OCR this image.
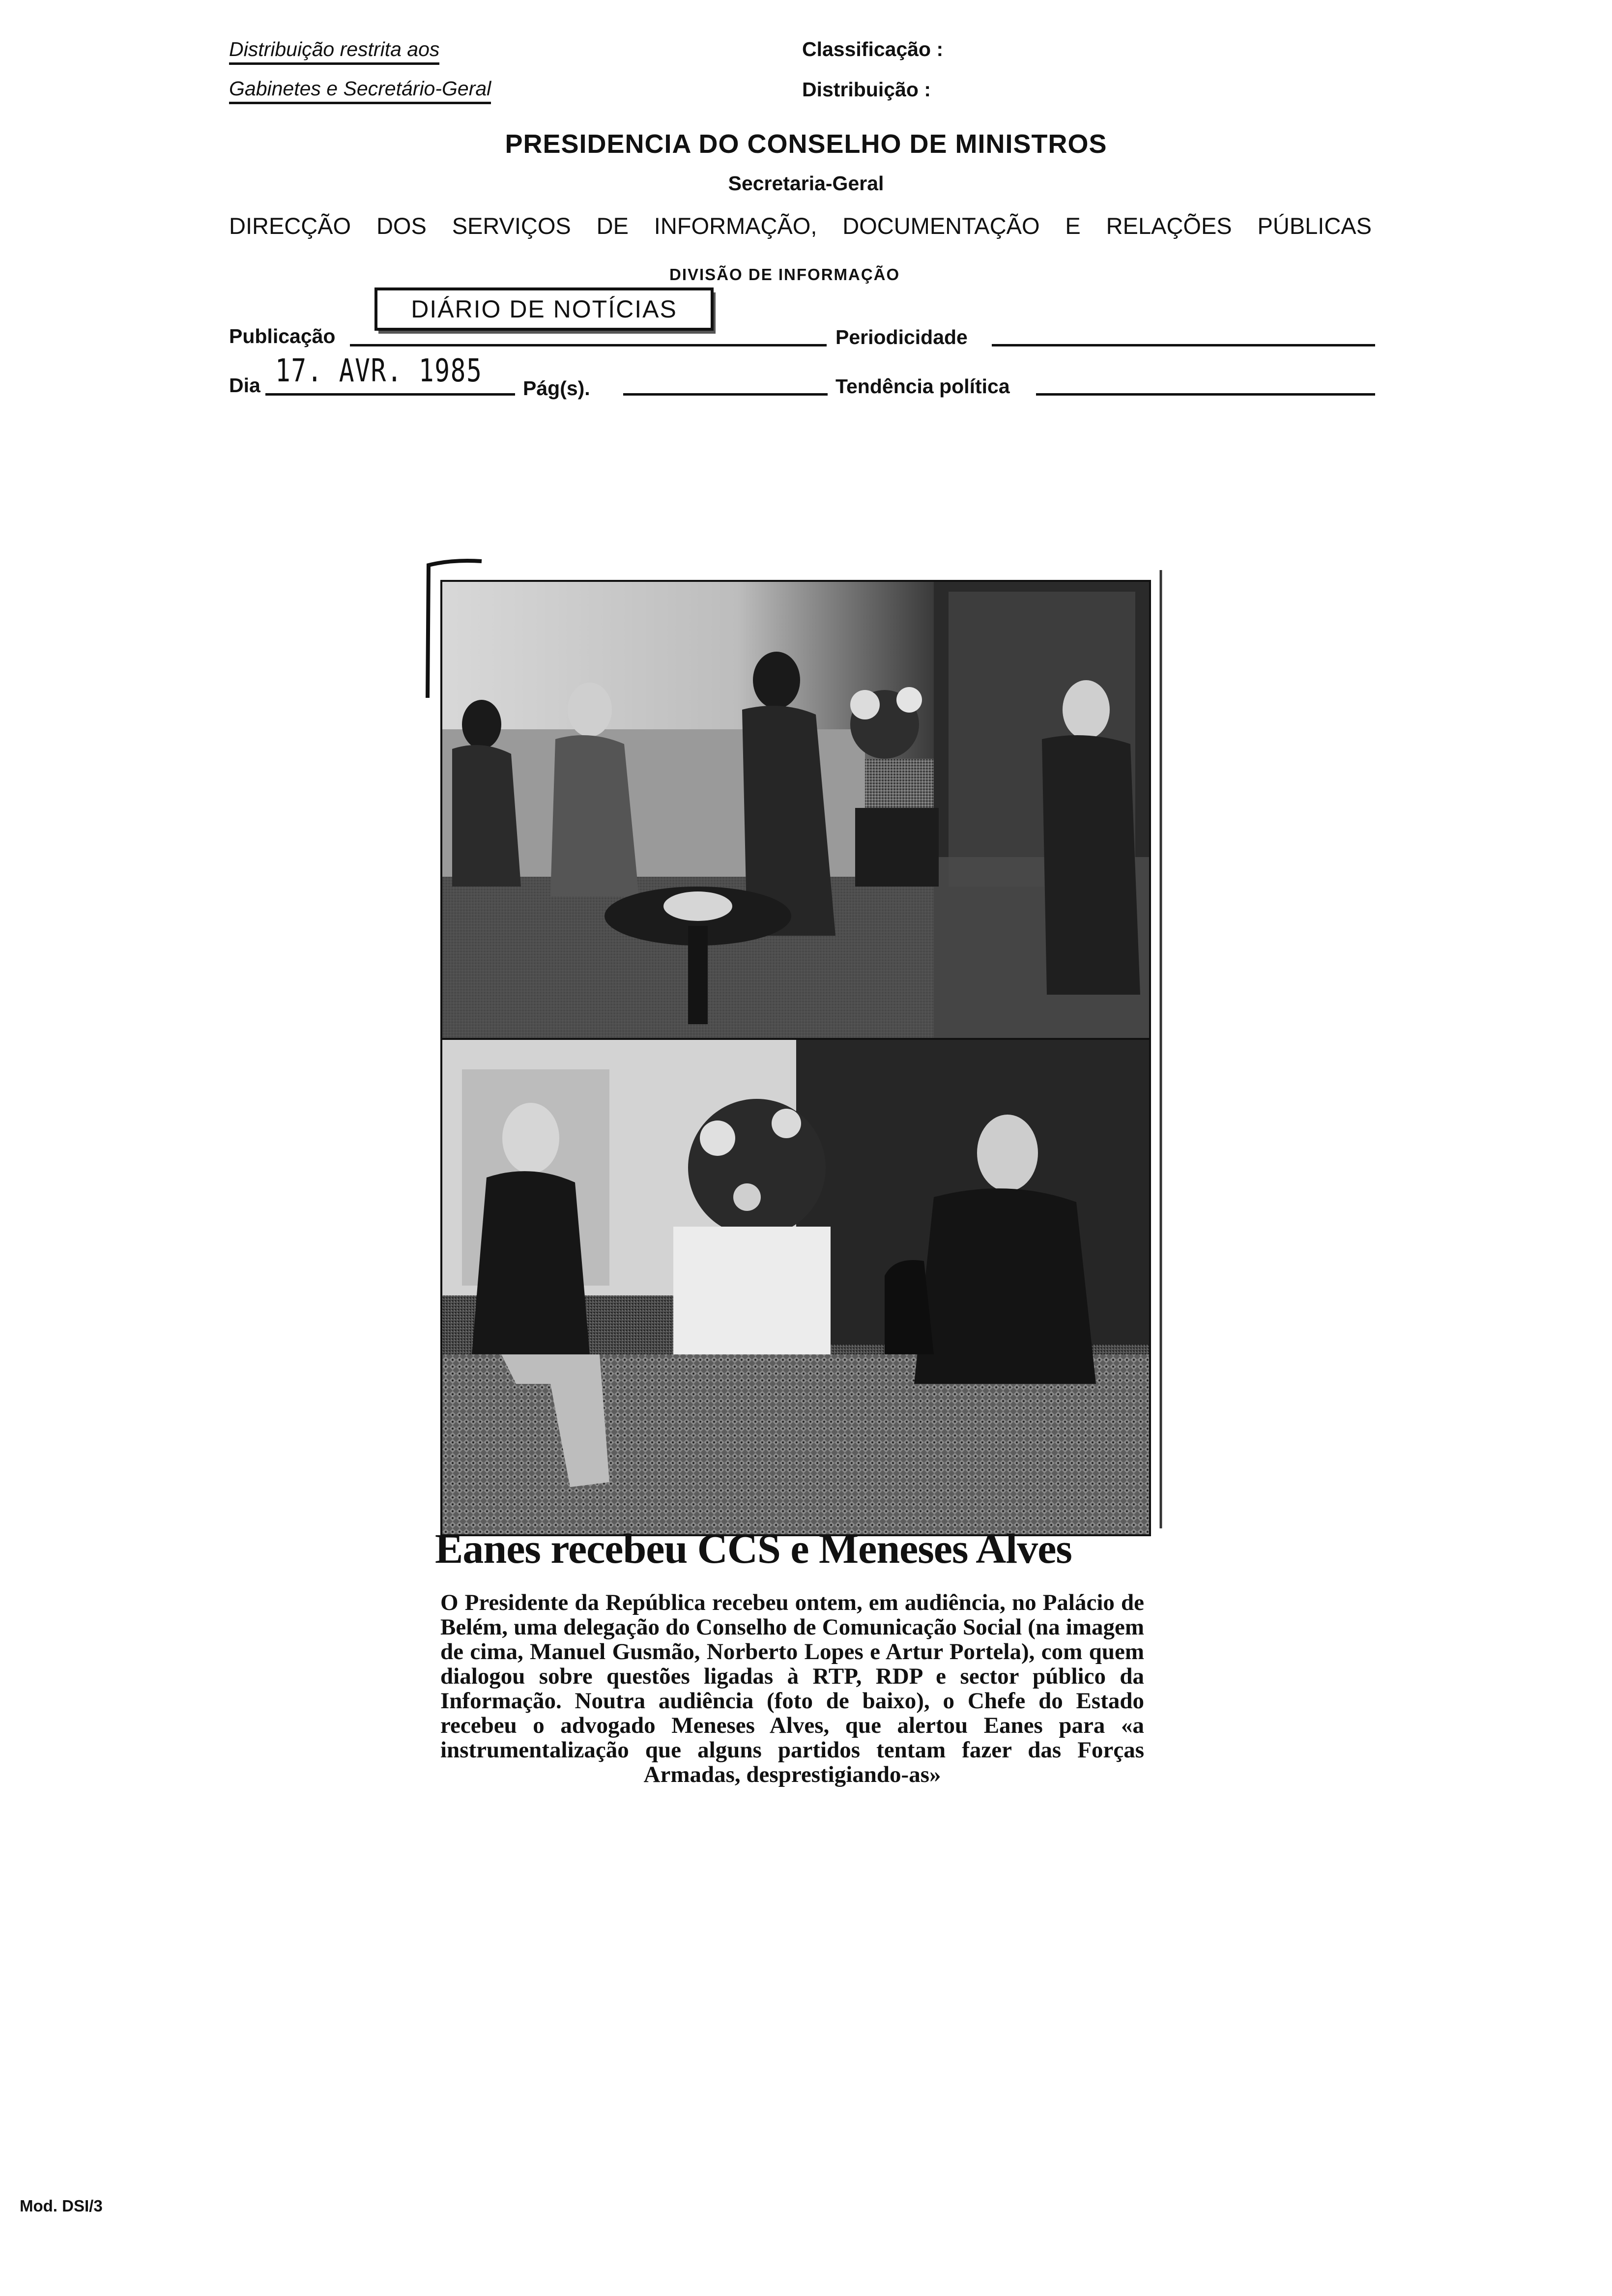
Distribuição restrita aos
Gabinetes e Secretário-Geral
Classificação :
Distribuição :
PRESIDENCIA DO CONSELHO DE MINISTROS
Secretaria-Geral
DIRECÇÃO DOS SERVIÇOS DE INFORMAÇÃO, DOCUMENTAÇÃO E RELAÇÕES PÚBLICAS
DIVISÃO DE INFORMAÇÃO
Publicação
DIÁRIO DE NOTÍCIAS
Periodicidade
Dia 17. AVR. 1985 Pág(s).	Tendência política
Eanes recebeu CCS e Meneses Alves
O Presidente da República recebeu ontem, em audiência, no Palácio de Belém, uma delegação do Conselho de Comunicação Social (na imagem de cima, Manuel Gusmão, Norberto Lopes e Artur Portela), com quem dialogou sobre questões ligadas à RTP, RDP e sector público da Informação. Noutra audiência (foto de baixo), o Chefe do Estado recebeu o advogado Meneses Alves, que alertou Eanes para «a instrumentalização que alguns partidos tentam fazer das Forças Armadas, desprestigiando-as»
Mod. DSI/3
